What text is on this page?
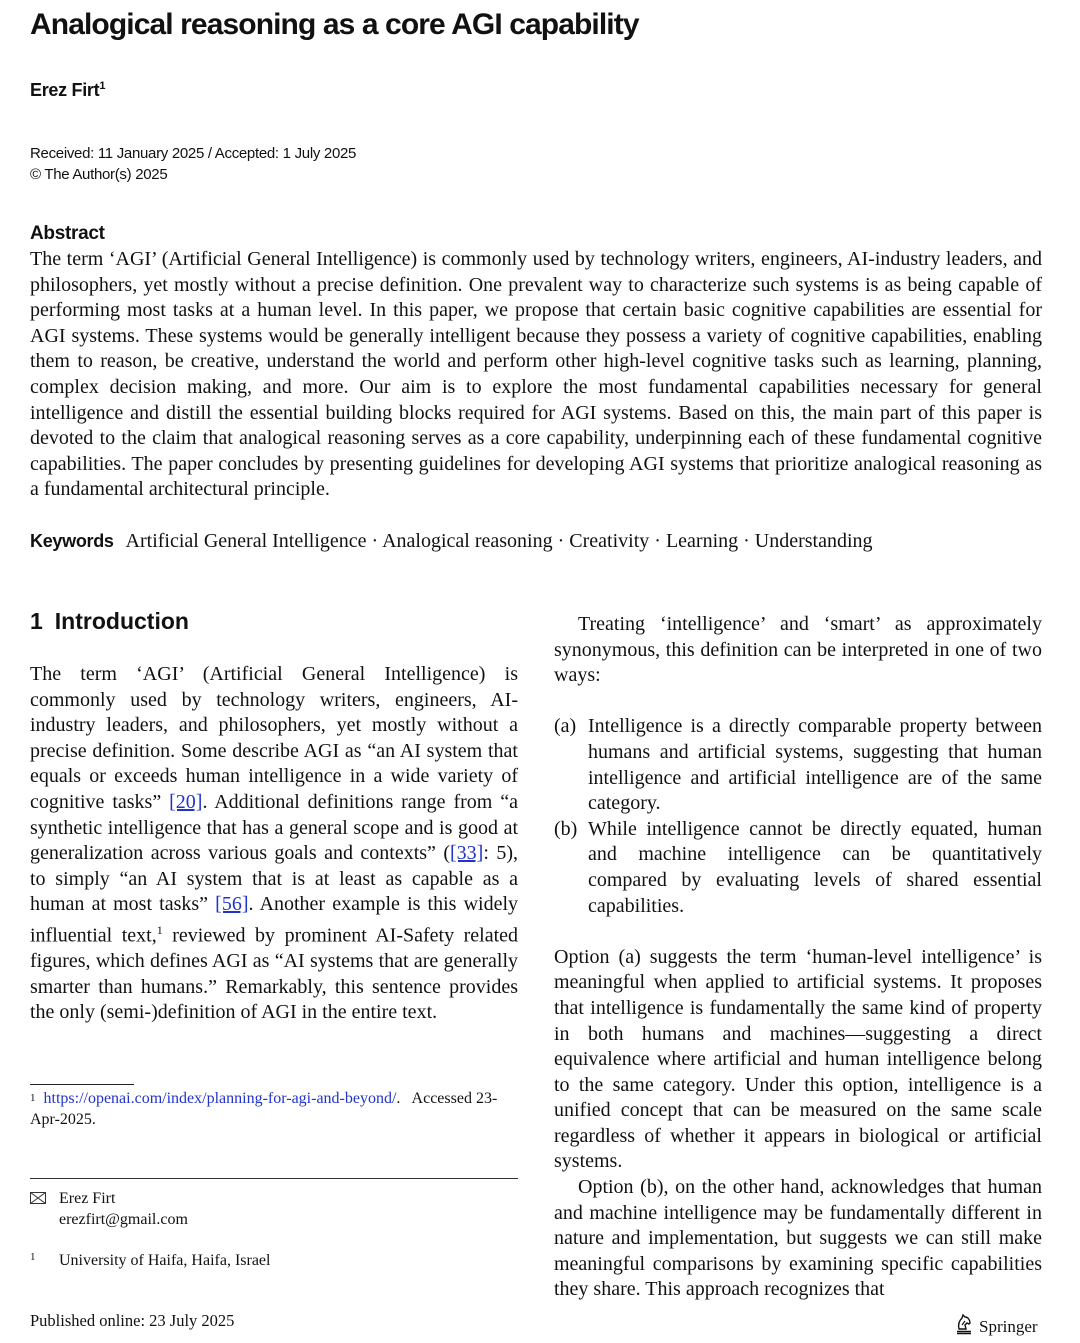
Analogical reasoning as a core AGI capability
Erez Firt$^1$
Received: 11 January 2025 / Accepted: 1 July 2025
© The Author(s) 2025
Abstract
The term ‘AGI’ (Artificial General Intelligence) is commonly used by technology writers, engineers, AI-industry leaders, and philosophers, yet mostly without a precise definition. One prevalent way to characterize such systems is as being capable of performing most tasks at a human level. In this paper, we propose that certain basic cognitive capabilities are essential for AGI systems. These systems would be generally intelligent because they possess a variety of cognitive capabilities, enabling them to reason, be creative, understand the world and perform other high-level cognitive tasks such as learning, planning, complex decision making, and more. Our aim is to explore the most fundamental capabilities necessary for general intelligence and distill the essential building blocks required for AGI systems. Based on this, the main part of this paper is devoted to the claim that analogical reasoning serves as a core capability, underpinning each of these fundamental cognitive capabilities. The paper concludes by presenting guidelines for developing AGI systems that prioritize analogical reasoning as a fundamental architectural principle.
Keywords Artificial General Intelligence · Analogical reasoning · Creativity · Learning · Understanding
1 Introduction
The term ‘AGI’ (Artificial General Intelligence) is commonly used by technology writers, engineers, AI-industry leaders, and philosophers, yet mostly without a precise definition. Some describe AGI as “an AI system that equals or exceeds human intelligence in a wide variety of cognitive tasks” [20]. Additional definitions range from “a synthetic intelligence that has a general scope and is good at generalization across various goals and contexts” ([33]: 5), to simply “an AI system that is at least as capable as a human at most tasks” [56]. Another example is this widely influential text,$^1$ reviewed by prominent AI-Safety related figures, which defines AGI as “AI systems that are generally smarter than humans.” Remarkably, this sentence provides the only (semi-)definition of AGI in the entire text.
Treating ‘intelligence’ and ‘smart’ as approximately synonymous, this definition can be interpreted in one of two ways:
(a) Intelligence is a directly comparable property between humans and artificial systems, suggesting that human intelligence and artificial intelligence are of the same category.
(b) While intelligence cannot be directly equated, human and machine intelligence can be quantitatively compared by evaluating levels of shared essential capabilities.
Option (a) suggests the term ‘human-level intelligence’ is meaningful when applied to artificial systems. It proposes that intelligence is fundamentally the same kind of property in both humans and machines—suggesting a direct equivalence where artificial and human intelligence belong to the same category. Under this option, intelligence is a unified concept that can be measured on the same scale regardless of whether it appears in biological or artificial systems.
Option (b), on the other hand, acknowledges that human and machine intelligence may be fundamentally different in nature and implementation, but suggests we can still make meaningful comparisons by examining specific capabilities they share. This approach recognizes that
$^1$ https://openai.com/index/planning-for-agi-and-beyond/.   Accessed 23-Apr-2025.
Erez Firt
erezfirt@gmail.com
1	University of Haifa, Haifa, Israel
Published online: 23 July 2025	Springer
